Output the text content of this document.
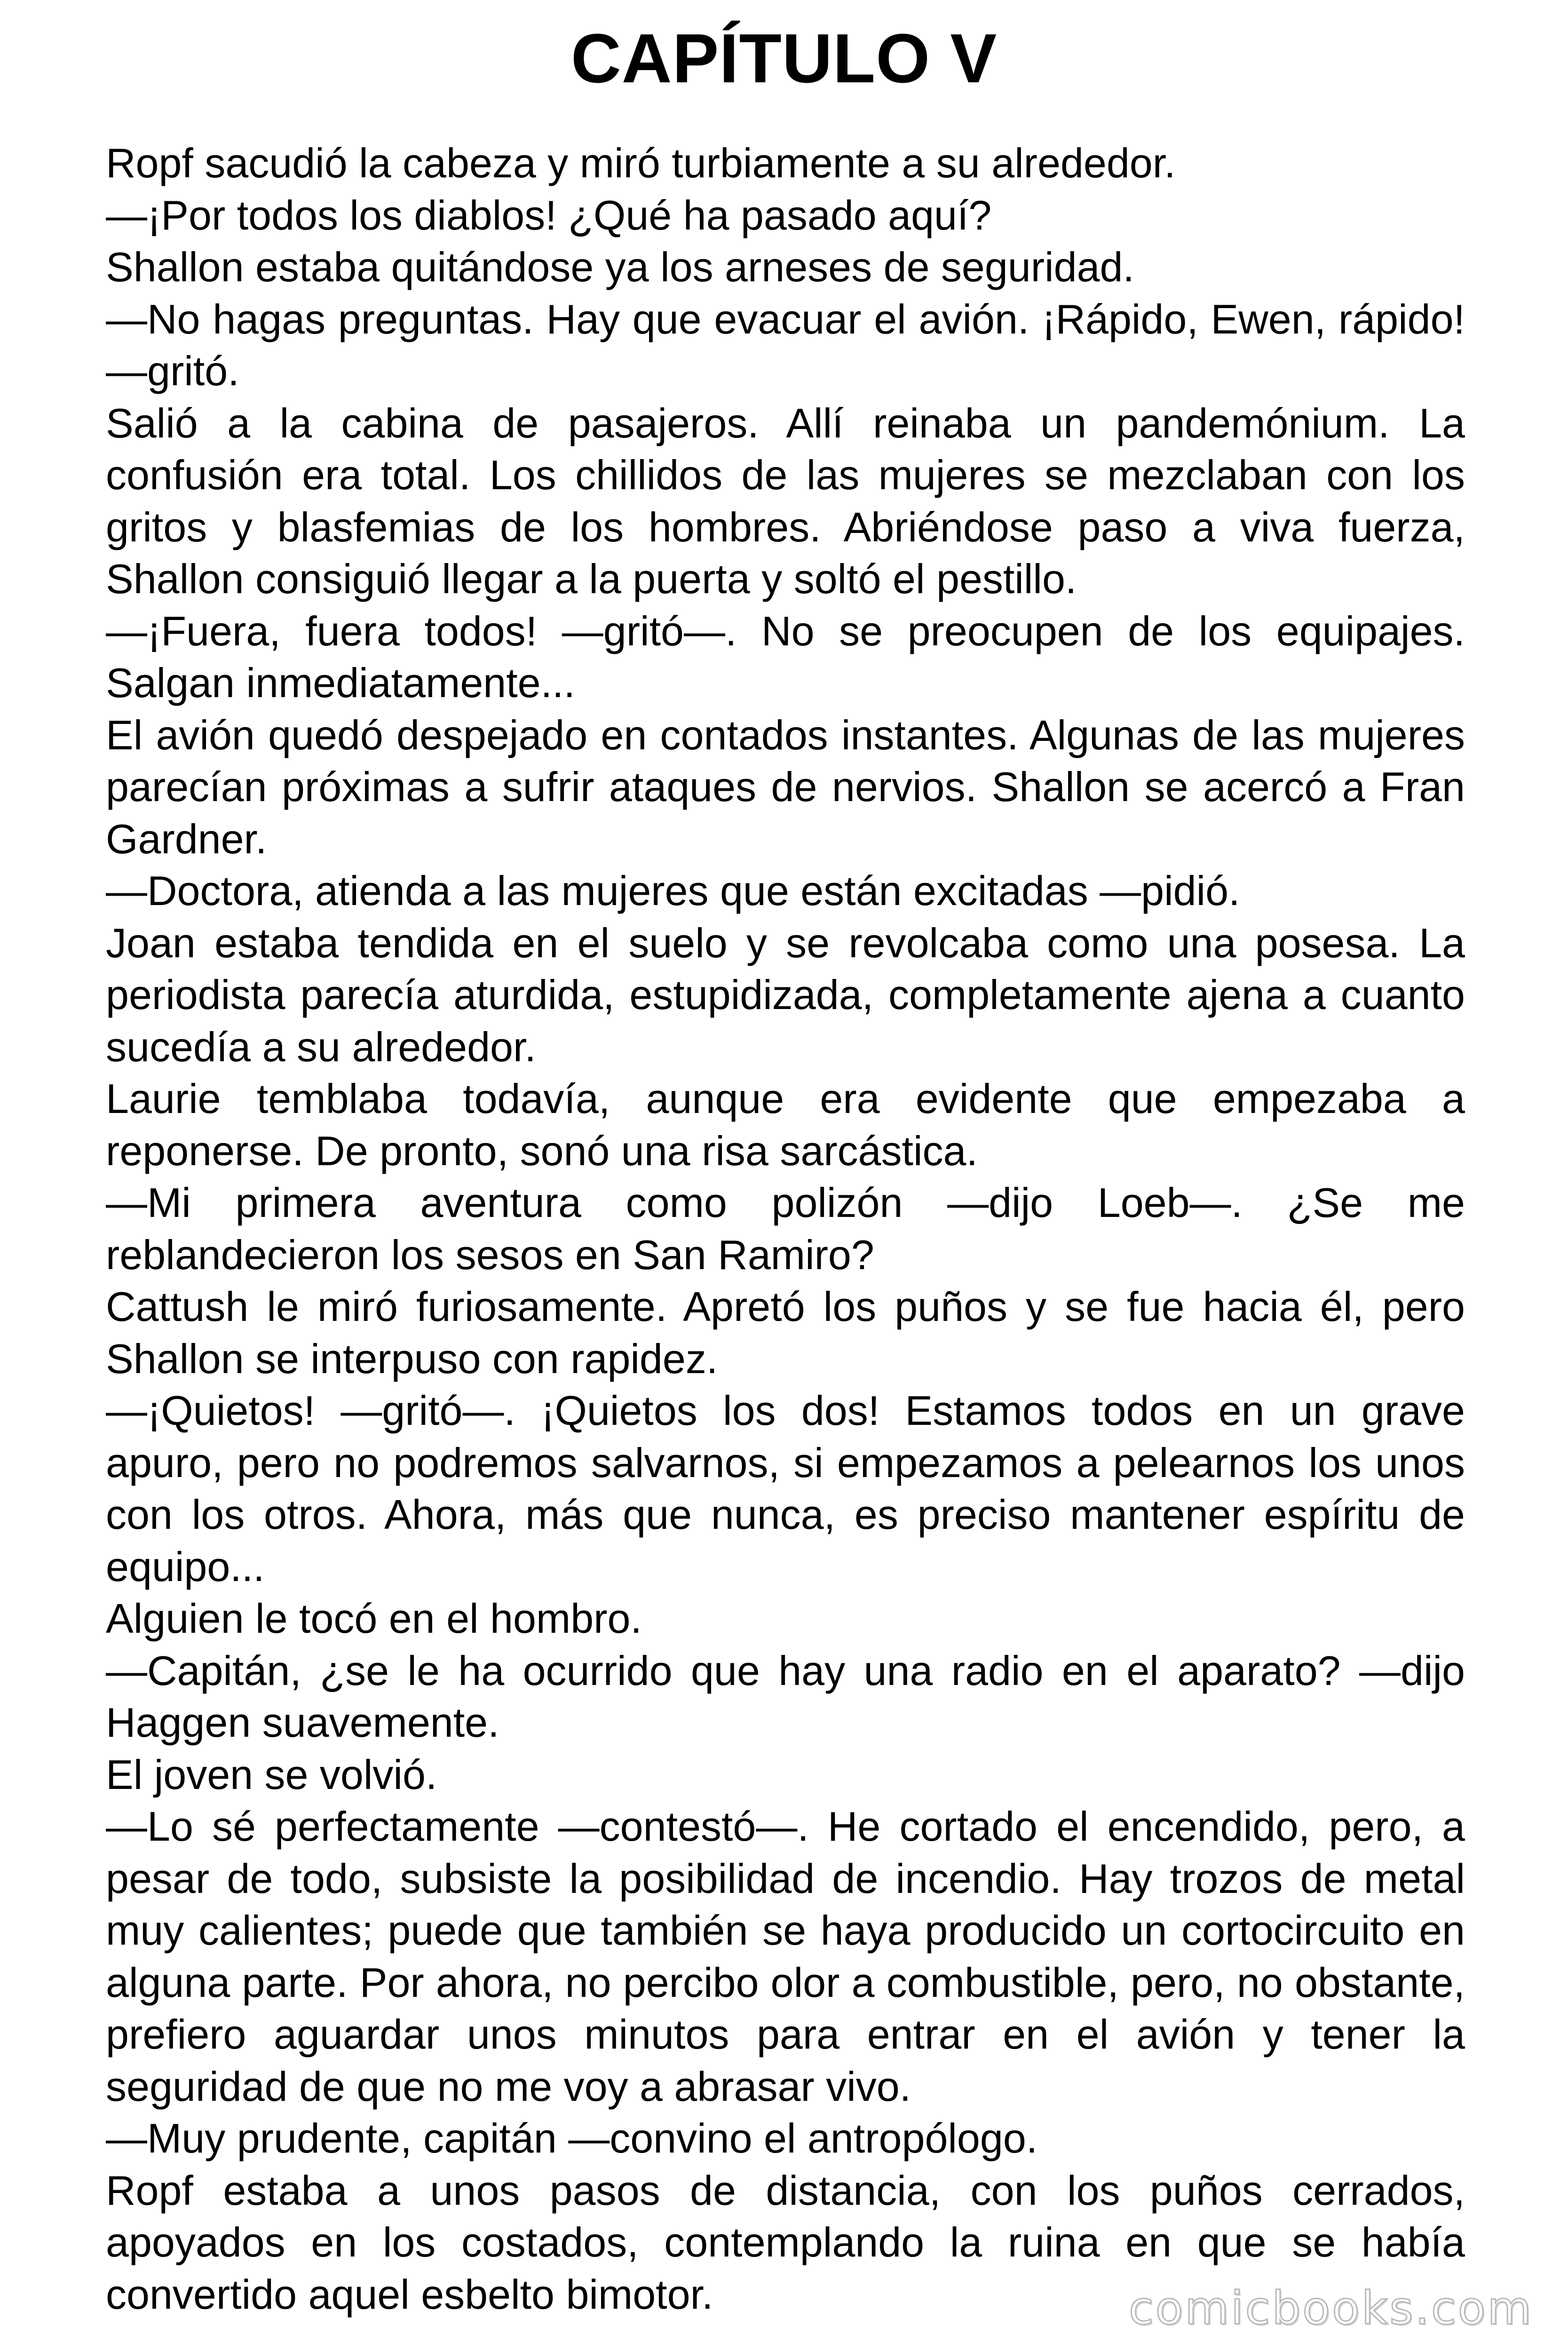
CAPÍTULO V

Ropf sacudió la cabeza y miró turbiamente a su alrededor.

—¡Por todos los diablos! ¿Qué ha pasado aquí?

Shallon estaba quitándose ya los arneses de seguridad.

—No hagas preguntas. Hay que evacuar el avión. ¡Rápido, Ewen, rápido! —gritó.

Salió a la cabina de pasajeros. Allí reinaba un pandemónium. La confusión era total. Los chillidos de las mujeres se mezclaban con los gritos y blasfemias de los hombres. Abriéndose paso a viva fuerza, Shallon consiguió llegar a la puerta y soltó el pestillo.

—¡Fuera, fuera todos! —gritó—. No se preocupen de los equipajes. Salgan inmediatamente...

El avión quedó despejado en contados instantes. Algunas de las mujeres parecían próximas a sufrir ataques de nervios. Shallon se acercó a Fran Gardner.

—Doctora, atienda a las mujeres que están excitadas —pidió.

Joan estaba tendida en el suelo y se revolcaba como una posesa. La periodista parecía aturdida, estupidizada, completamente ajena a cuanto sucedía a su alrededor.

Laurie temblaba todavía, aunque era evidente que empezaba a reponerse. De pronto, sonó una risa sarcástica.

—Mi primera aventura como polizón —dijo Loeb—. ¿Se me reblandecieron los sesos en San Ramiro?

Cattush le miró furiosamente. Apretó los puños y se fue hacia él, pero Shallon se interpuso con rapidez.

—¡Quietos! —gritó—. ¡Quietos los dos! Estamos todos en un grave apuro, pero no podremos salvarnos, si empezamos a pelearnos los unos con los otros. Ahora, más que nunca, es preciso mantener espíritu de equipo...

Alguien le tocó en el hombro.

—Capitán, ¿se le ha ocurrido que hay una radio en el aparato? —dijo Haggen suavemente.

El joven se volvió.

—Lo sé perfectamente —contestó—. He cortado el encendido, pero, a pesar de todo, subsiste la posibilidad de incendio. Hay trozos de metal muy calientes; puede que también se haya producido un cortocircuito en alguna parte. Por ahora, no percibo olor a combustible, pero, no obstante, prefiero aguardar unos minutos para entrar en el avión y tener la seguridad de que no me voy a abrasar vivo.

—Muy prudente, capitán —convino el antropólogo.

Ropf estaba a unos pasos de distancia, con los puños cerrados, apoyados en los costados, contemplando la ruina en que se había convertido aquel esbelto bimotor.	comicbooks.com
